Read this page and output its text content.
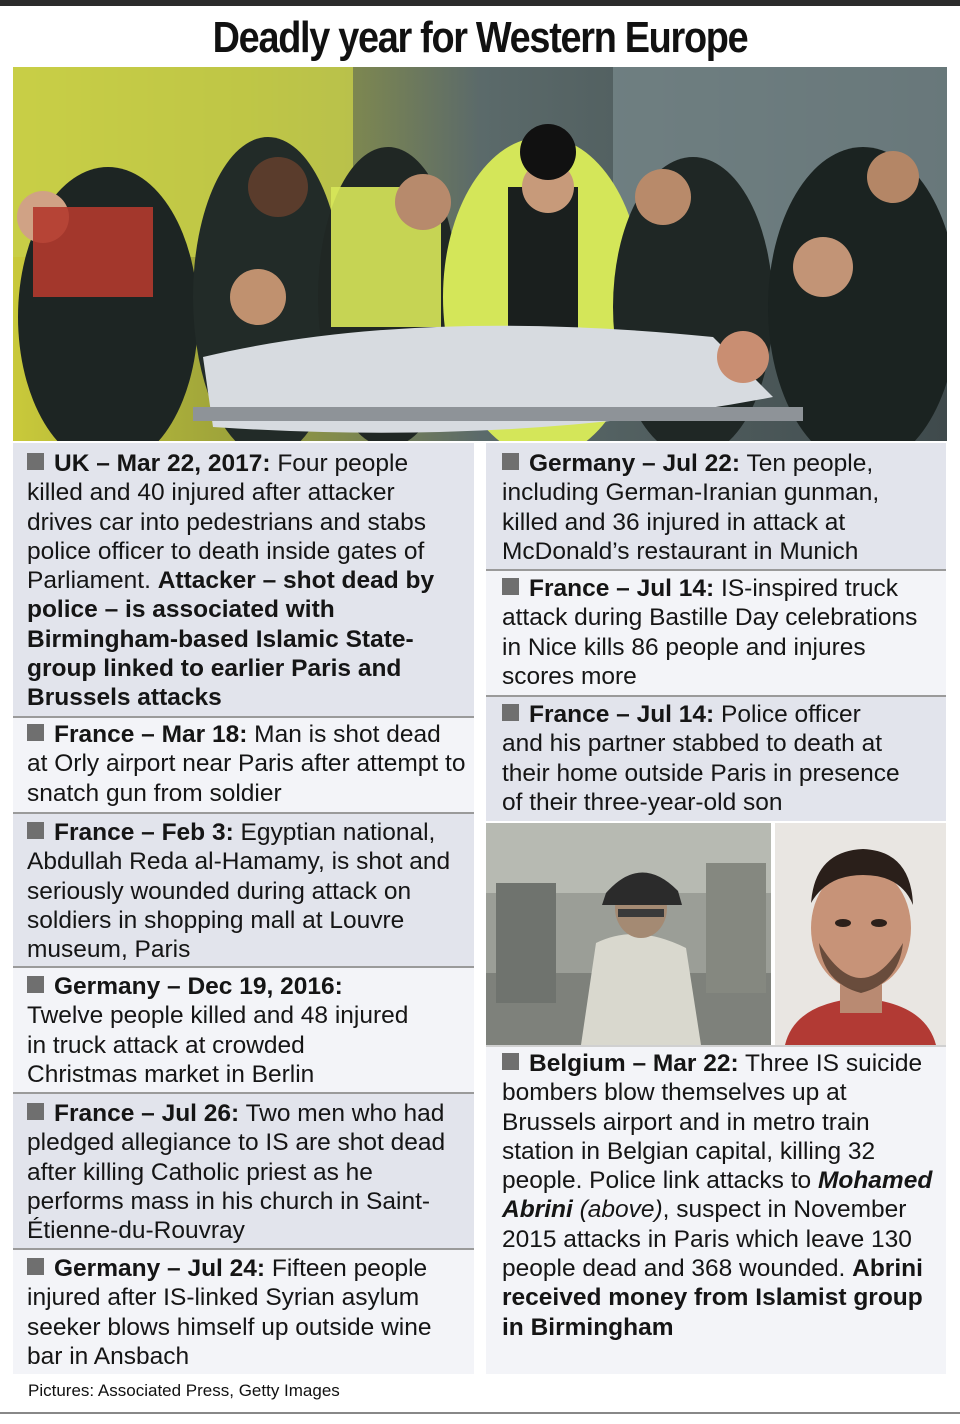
Deadly year for Western Europe
UK – Mar 22, 2017: Four people killed and 40 injured after attacker drives car into pedestrians and stabs police officer to death inside gates of Parliament. Attacker – shot dead by police – is associated with Birmingham-based Islamic State-group linked to earlier Paris and Brussels attacks
France – Mar 18: Man is shot dead at Orly airport near Paris after attempt to snatch gun from soldier
France – Feb 3: Egyptian national, Abdullah Reda al-Hamamy, is shot and seriously wounded during attack on soldiers in shopping mall at Louvre museum, Paris
Germany – Dec 19, 2016: Twelve people killed and 48 injured in truck attack at crowded Christmas market in Berlin
France – Jul 26: Two men who had pledged allegiance to IS are shot dead after killing Catholic priest as he performs mass in his church in Saint-Étienne-du-Rouvray
Germany – Jul 24: Fifteen people injured after IS-linked Syrian asylum seeker blows himself up outside wine bar in Ansbach
Germany – Jul 22: Ten people, including German-Iranian gunman, killed and 36 injured in attack at McDonald’s restaurant in Munich
France – Jul 14: IS-inspired truck attack during Bastille Day celebrations in Nice kills 86 people and injures scores more
France – Jul 14: Police officer and his partner stabbed to death at their home outside Paris in presence of their three-year-old son
Belgium – Mar 22: Three IS suicide bombers blow themselves up at Brussels airport and in metro train station in Belgian capital, killing 32 people. Police link attacks to Mohamed Abrini (above), suspect in November 2015 attacks in Paris which leave 130 people dead and 368 wounded. Abrini received money from Islamist group in Birmingham
Pictures: Associated Press, Getty Images
